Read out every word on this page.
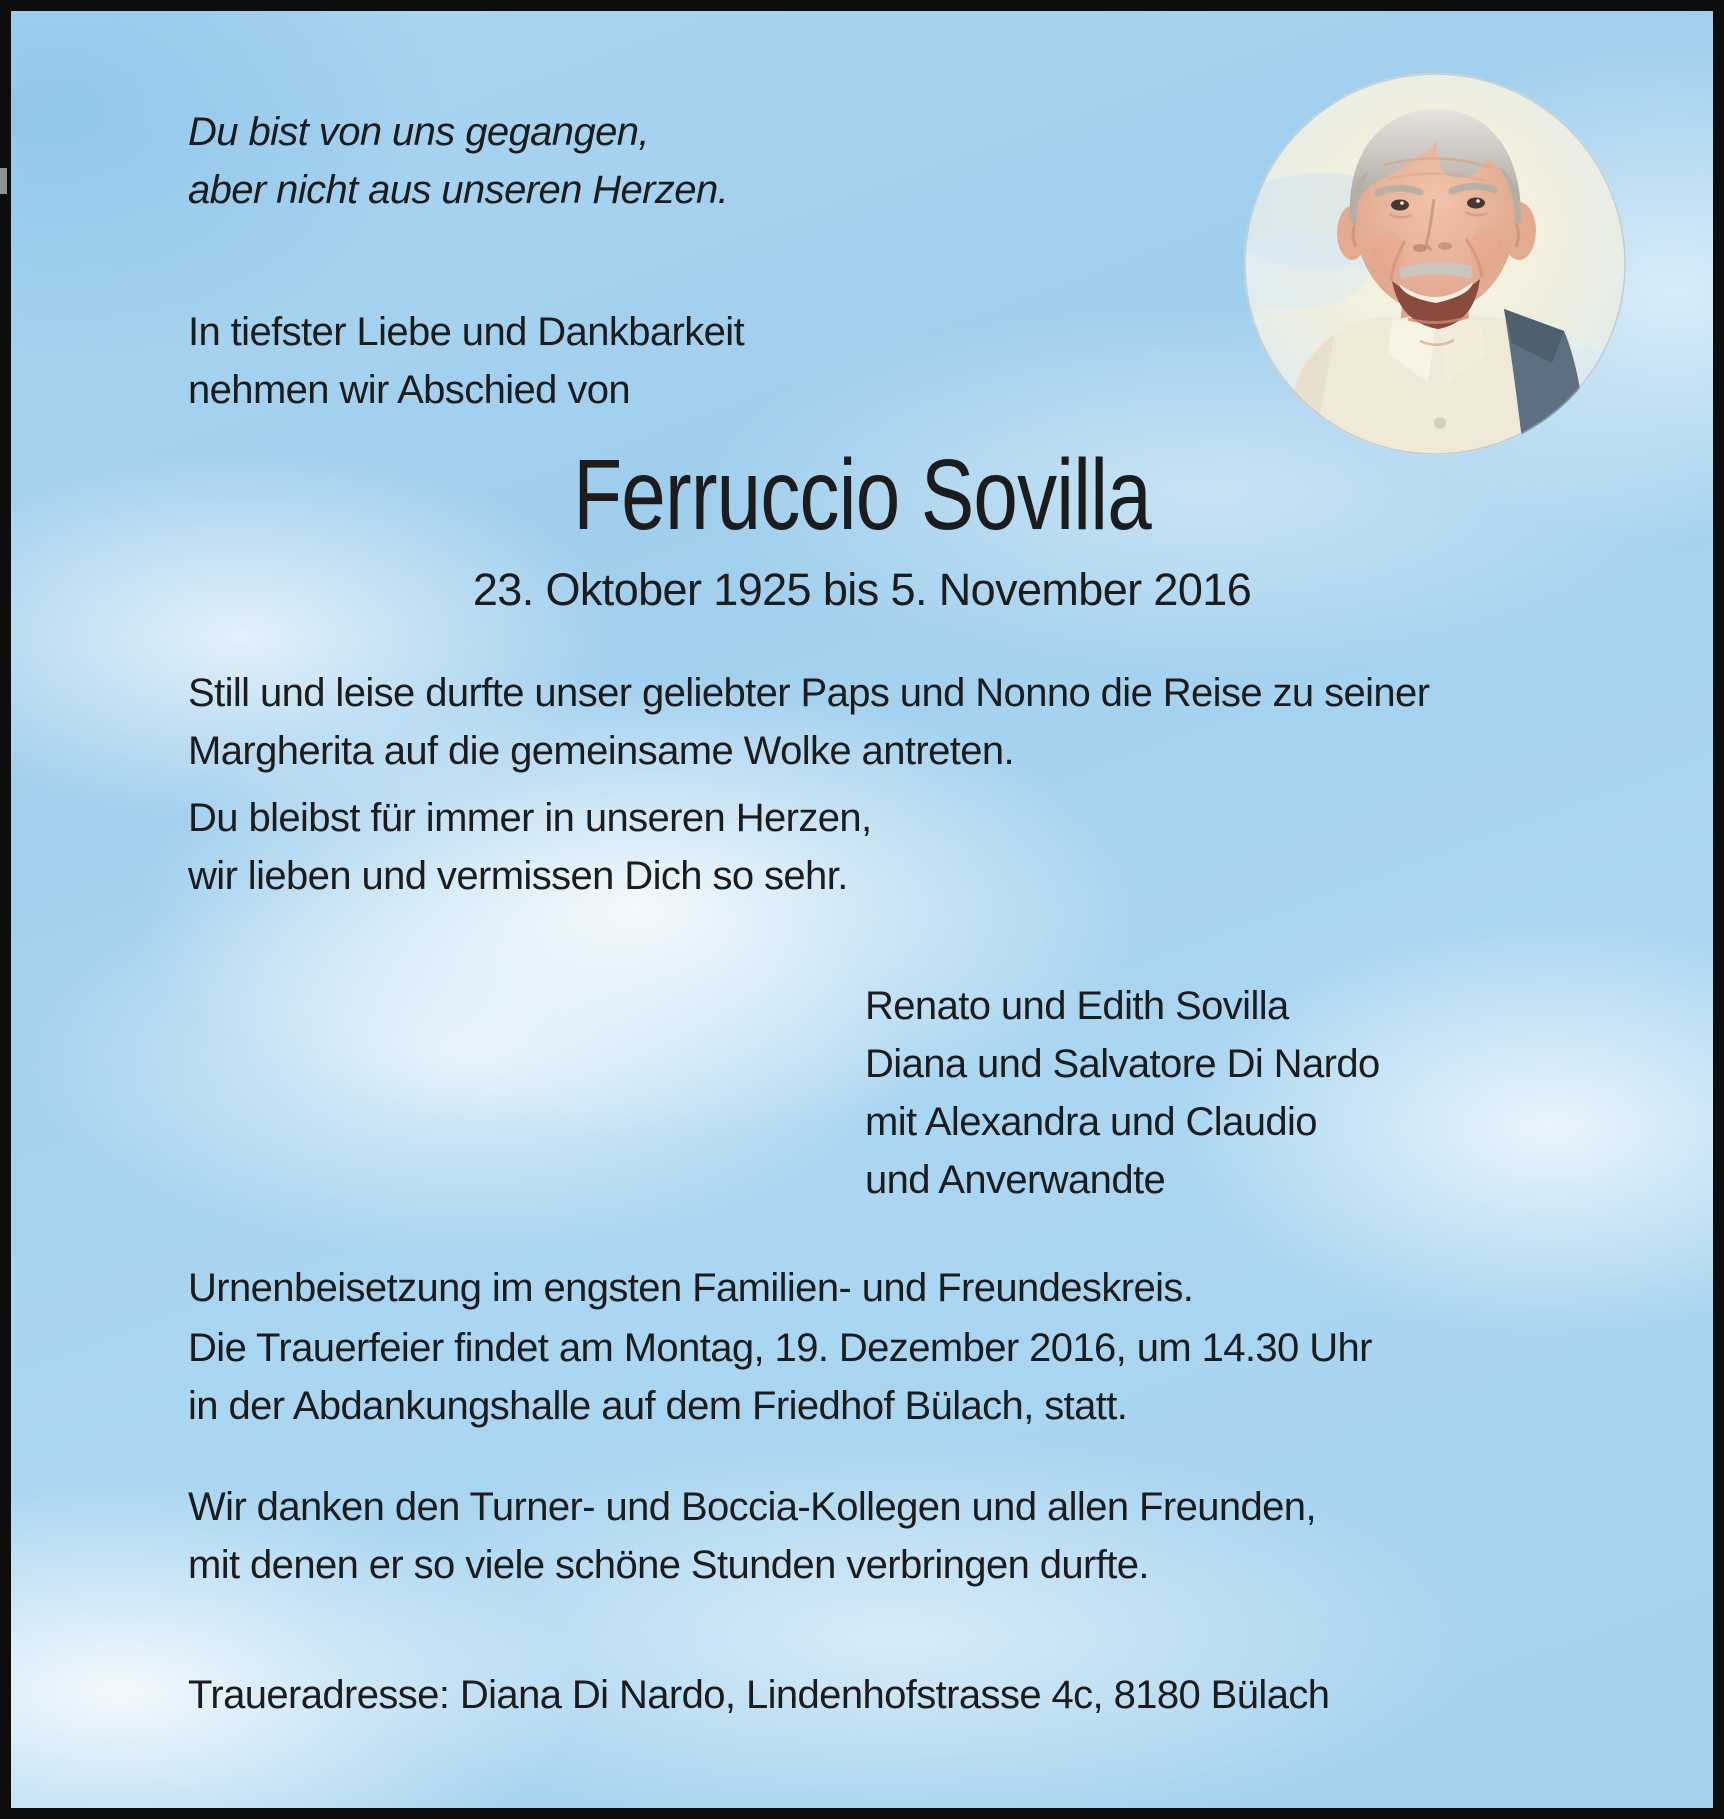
Du bist von uns gegangen,
aber nicht aus unseren Herzen.
In tiefster Liebe und Dankbarkeit
nehmen wir Abschied von
Ferruccio Sovilla
23. Oktober 1925 bis 5. November 2016
Still und leise durfte unser geliebter Paps und Nonno die Reise zu seiner
Margherita auf die gemeinsame Wolke antreten.
Du bleibst für immer in unseren Herzen,
wir lieben und vermissen Dich so sehr.
Renato und Edith Sovilla
Diana und Salvatore Di Nardo
mit Alexandra und Claudio
und Anverwandte
Urnenbeisetzung im engsten Familien- und Freundeskreis.
Die Trauerfeier findet am Montag, 19. Dezember 2016, um 14.30 Uhr
in der Abdankungshalle auf dem Friedhof Bülach, statt.
Wir danken den Turner- und Boccia-Kollegen und allen Freunden,
mit denen er so viele schöne Stunden verbringen durfte.
Traueradresse: Diana Di Nardo, Lindenhofstrasse 4c, 8180 Bülach
